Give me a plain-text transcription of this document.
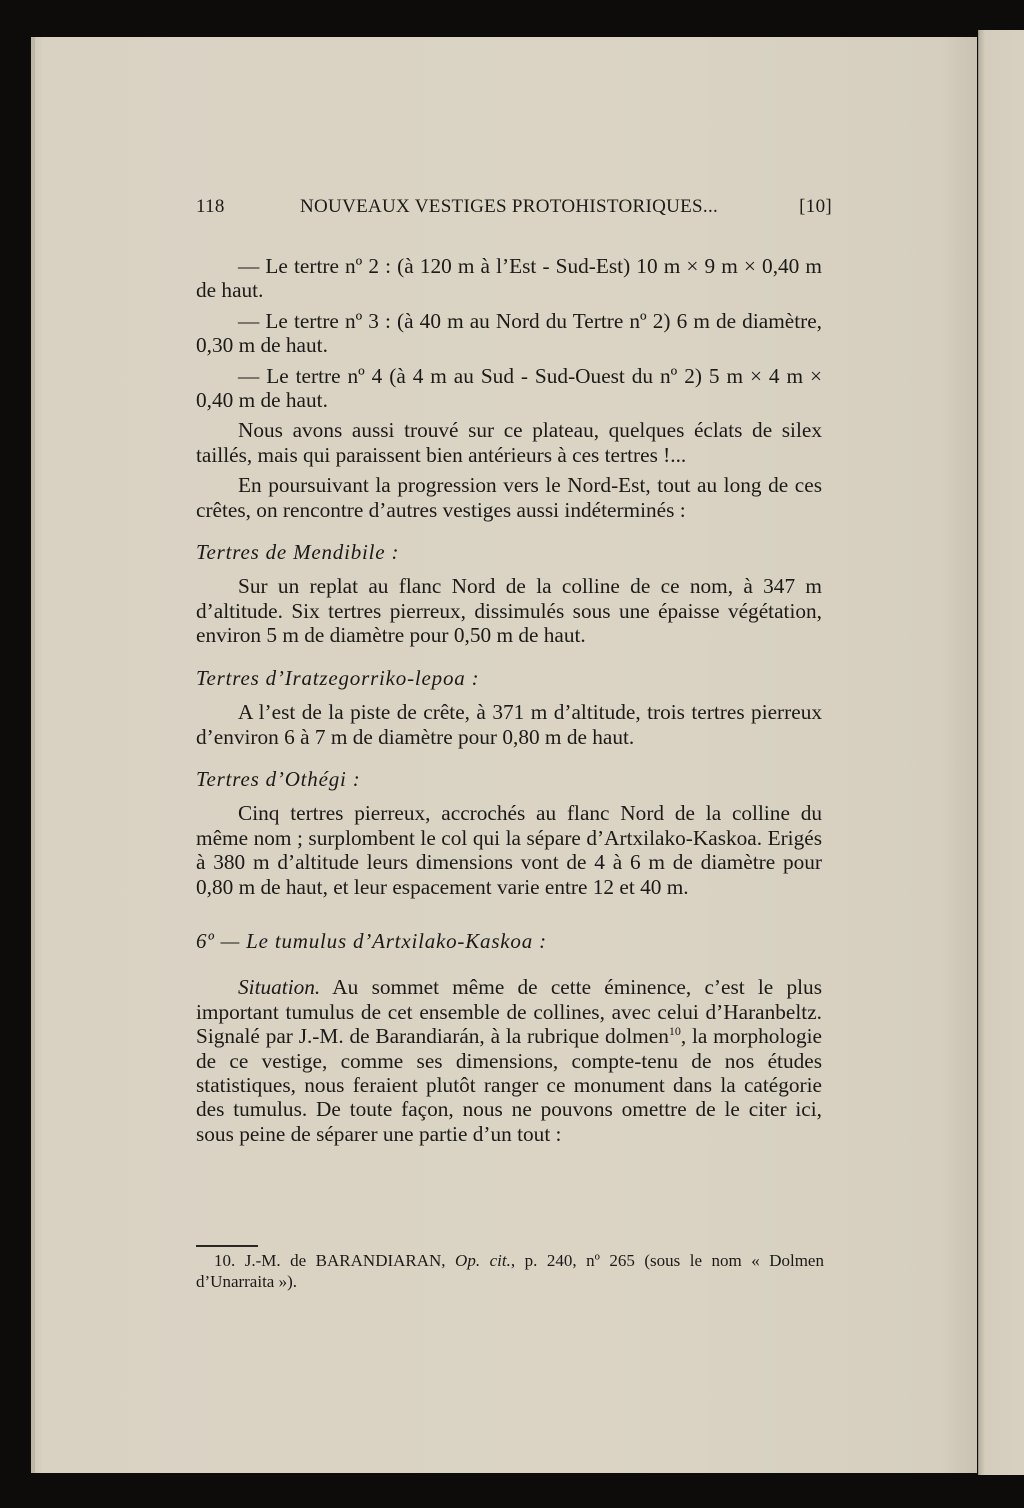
118	NOUVEAUX VESTIGES PROTOHISTORIQUES...	[10]

— Le tertre nº 2 : (à 120 m à l’Est - Sud-Est) 10 m × 9 m × 0,40 m de haut.

— Le tertre nº 3 : (à 40 m au Nord du Tertre nº 2) 6 m de diamètre, 0,30 m de haut.

— Le tertre nº 4 (à 4 m au Sud - Sud-Ouest du nº 2) 5 m × 4 m × 0,40 m de haut.

Nous avons aussi trouvé sur ce plateau, quelques éclats de silex taillés, mais qui paraissent bien antérieurs à ces tertres !...

En poursuivant la progression vers le Nord-Est, tout au long de ces crêtes, on rencontre d’autres vestiges aussi indéterminés :

Tertres de Mendibile :

Sur un replat au flanc Nord de la colline de ce nom, à 347 m d’altitude. Six tertres pierreux, dissimulés sous une épaisse végétation, environ 5 m de diamètre pour 0,50 m de haut.

Tertres d’Iratzegorriko-lepoa :

A l’est de la piste de crête, à 371 m d’altitude, trois tertres pierreux d’environ 6 à 7 m de diamètre pour 0,80 m de haut.

Tertres d’Othégi :

Cinq tertres pierreux, accrochés au flanc Nord de la colline du même nom ; surplombent le col qui la sépare d’Artxilako-Kaskoa. Erigés à 380 m d’altitude leurs dimensions vont de 4 à 6 m de diamètre pour 0,80 m de haut, et leur espacement varie entre 12 et 40 m.

6º — Le tumulus d’Artxilako-Kaskoa :

Situation. Au sommet même de cette éminence, c’est le plus important tumulus de cet ensemble de collines, avec celui d’Haranbeltz. Signalé par J.-M. de Barandiarán, à la rubrique dolmen$^{10}$, la morphologie de ce vestige, comme ses dimensions, compte-tenu de nos études statistiques, nous feraient plutôt ranger ce monument dans la catégorie des tumulus. De toute façon, nous ne pouvons omettre de le citer ici, sous peine de séparer une partie d’un tout :

10. J.-M. de BARANDIARAN, Op. cit., p. 240, nº 265 (sous le nom « Dolmen d’Unarraita »).
